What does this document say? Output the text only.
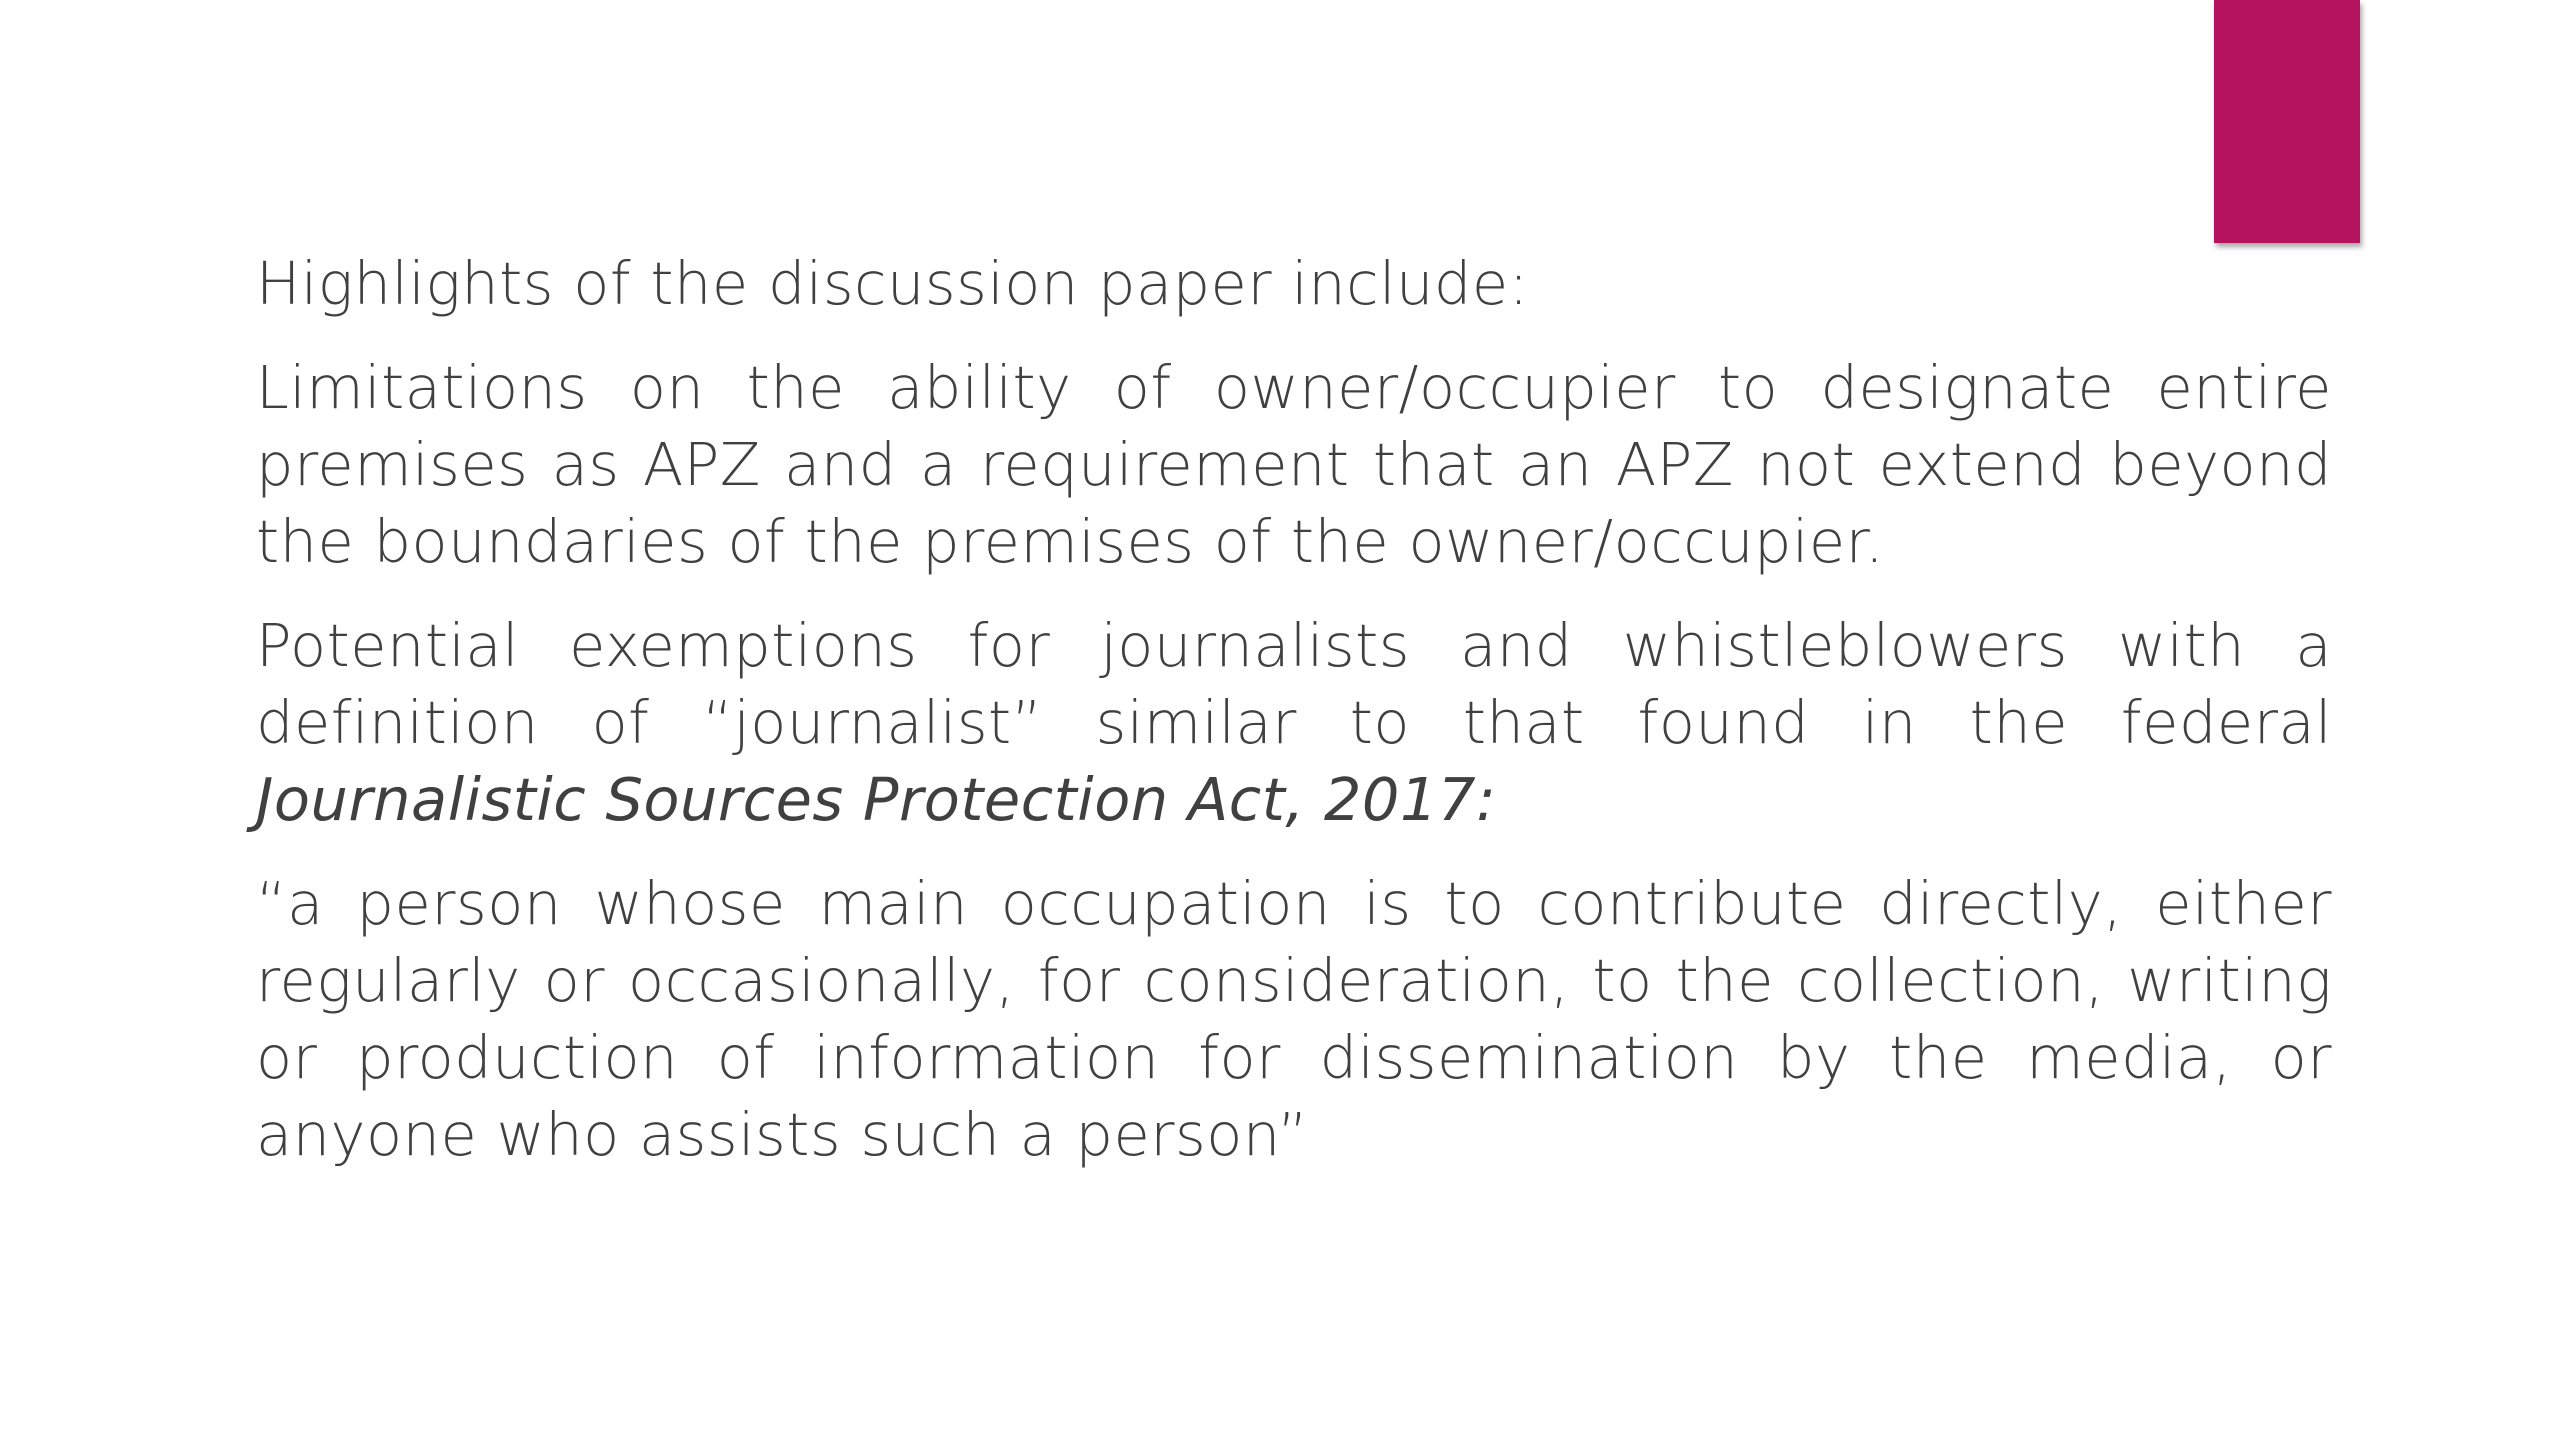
Highlights of the discussion paper include:

Limitations on the ability of owner/occupier to designate entire premises as APZ and a requirement that an APZ not extend beyond the boundaries of the premises of the owner/occupier.

Potential exemptions for journalists and whistleblowers with a definition of “journalist” similar to that found in the federal Journalistic Sources Protection Act, 2017:

“a person whose main occupation is to contribute directly, either regularly or occasionally, for consideration, to the collection, writing or production of information for dissemination by the media, or anyone who assists such a person”
